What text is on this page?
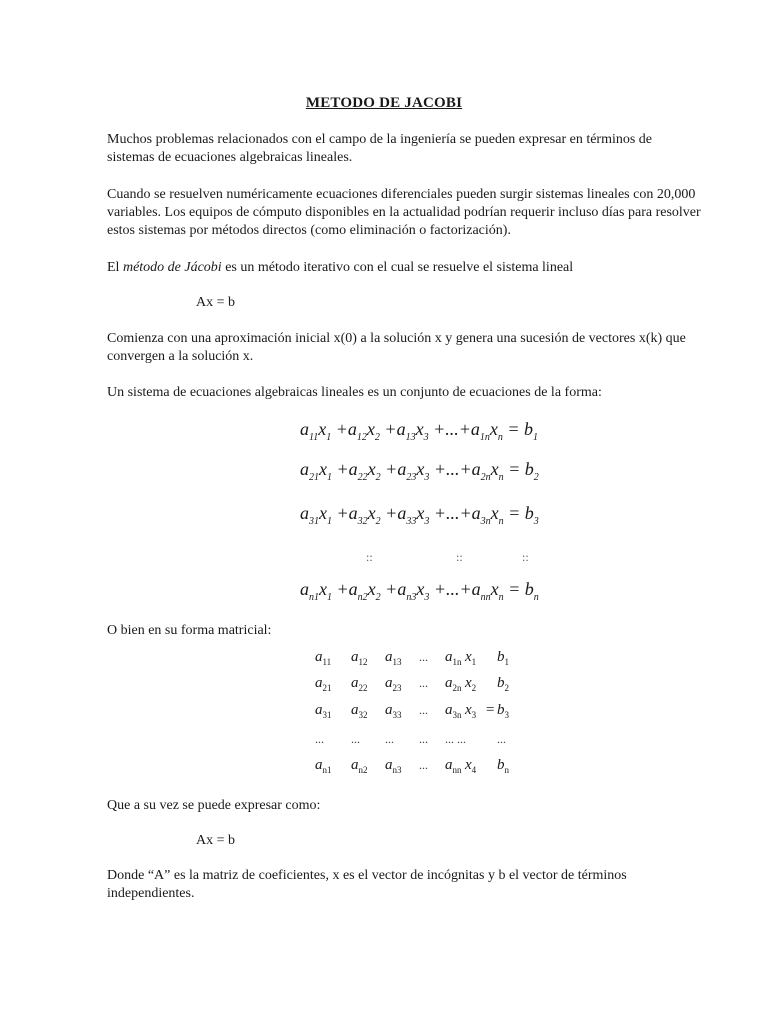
METODO DE JACOBI

Muchos problemas relacionados con el campo de la ingeniería se pueden expresar en términos de sistemas de ecuaciones algebraicas lineales.

Cuando se resuelven numéricamente ecuaciones diferenciales pueden surgir sistemas lineales con 20,000 variables. Los equipos de cómputo disponibles en la actualidad podrían requerir incluso días para resolver estos sistemas por métodos directos (como eliminación o factorización).

El método de Jácobi es un método iterativo con el cual se resuelve el sistema lineal

Ax = b

Comienza con una aproximación inicial x(0) a la solución x y genera una sucesión de vectores x(k) que convergen a la solución x.

Un sistema de ecuaciones algebraicas lineales es un conjunto de ecuaciones de la forma:

$a_{11}x_1 +a_{12}x_2 +a_{13}x_3 +...+a_{1n}x_n = b_1$
$a_{21}x_1 +a_{22}x_2 +a_{23}x_3 +...+a_{2n}x_n = b_2$
$a_{31}x_1 +a_{32}x_2 +a_{33}x_3 +...+a_{3n}x_n = b_3$
::	::	::
$a_{n1}x_1 +a_{n2}x_2 +a_{n3}x_3 +...+a_{nn}x_n = b_n$

O bien en su forma matricial:

$a_{11}$ $a_{12}$ $a_{13}$ ... $a_{1n}$ $x_1$ $b_1$
$a_{21}$ $a_{22}$ $a_{23}$ ... $a_{2n}$ $x_2$ $b_2$
$a_{31}$ $a_{32}$ $a_{33}$ ... $a_{3n}$ $x_3 = b_3$
... ... ... ... ... ...	...
$a_{n1}$ $a_{n2}$ $a_{n3}$ ... $a_{nn}$ $x_4$ $b_n$

Que a su vez se puede expresar como:

Ax = b

Donde “A” es la matriz de coeficientes, x es el vector de incógnitas y b el vector de términos independientes.
